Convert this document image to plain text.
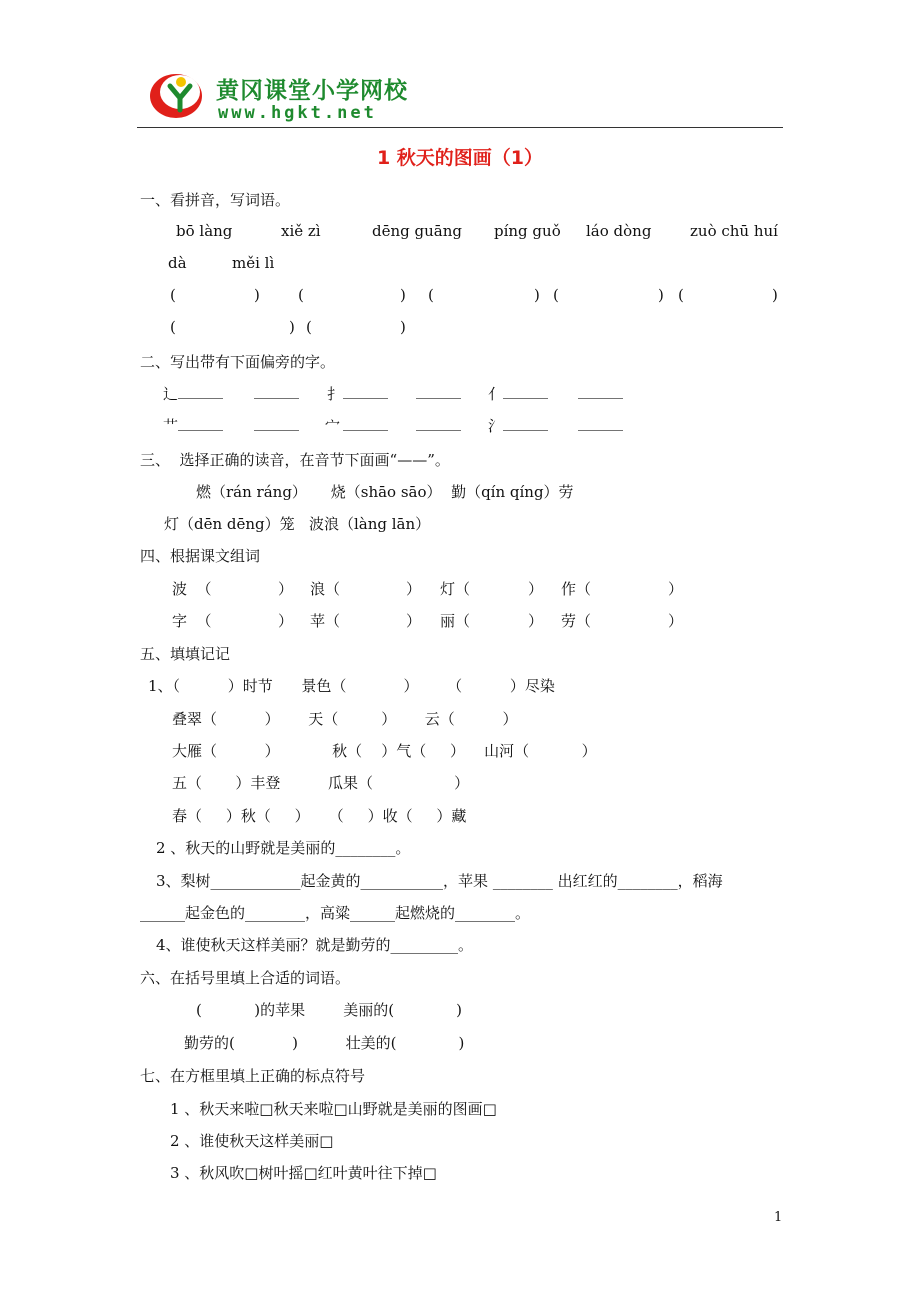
黄冈课堂小学网校
www.hgkt.net
1 秋天的图画（1）
一、看拼音，写词语。
bō làng	xiě zì	dēng guāng píng guǒ láo dòng	zuò chū huí
dà	měi lì
(	)	(	) (	) (	) (	)
(	) (	)
二、写出带有下面偏旁的字。
辶 ______ ______ 扌 ______ ______ 亻 ______ ______
艹 ______ ______ 宀 ______ ______ 氵 ______ ______
三、  选择正确的读音，在音节下面画“——”。
燃（rán ráng）     烧（shāo sāo）  勤（qín qíng）劳
灯（dēn dēng）笼   波浪（làng lān）
四、根据课文组词
波  （	） 浪（	） 灯（	） 作（	）
字  （	） 苹（	） 丽（	） 劳（	）
五、填填记记
1、（          ）时节      景色（            ）      （          ）尽染
叠翠（          ）      天（         ）      云（          ）
大雁（          ）           秋（    ）气（     ）    山河（           ）
五（       ）丰登          瓜果（                 ）
春（     ）秋（     ）    （     ）收（     ）藏
2 、秋天的山野就是美丽的________。
3、梨树____________起金黄的___________，苹果 ________ 出红红的________，稻海
______起金色的________，高粱______起燃烧的________。
4、谁使秋天这样美丽？就是勤劳的_________。
六、在括号里填上合适的词语。
(           )的苹果        美丽的(             )
勤劳的(            )          壮美的(             )
七、在方框里填上正确的标点符号
1 、秋天来啦□秋天来啦□山野就是美丽的图画□
2 、谁使秋天这样美丽□
3 、秋风吹□树叶摇□红叶黄叶往下掉□
1
